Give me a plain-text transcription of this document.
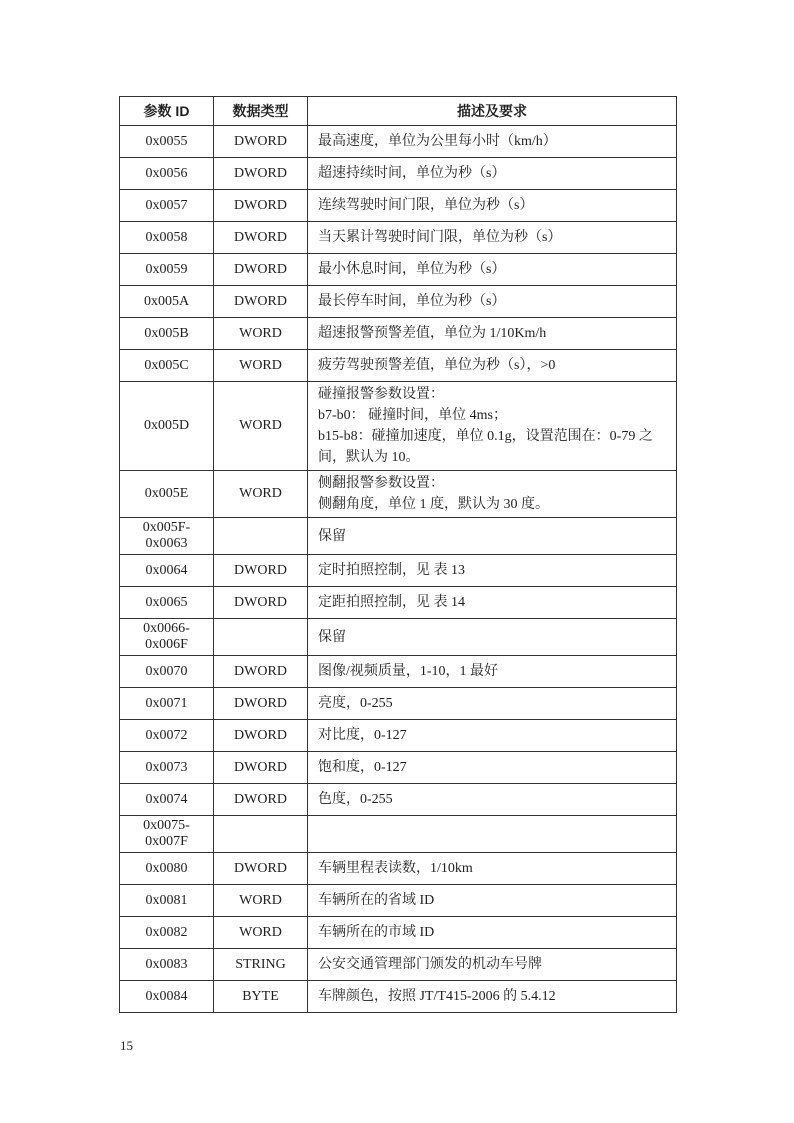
参数 ID	数据类型	描述及要求
0x0055	DWORD	最高速度，单位为公里每小时（km/h）

0x0056	DWORD	超速持续时间，单位为秒（s）

0x0057	DWORD	连续驾驶时间门限，单位为秒（s）

0x0058	DWORD	当天累计驾驶时间门限，单位为秒（s）

0x0059	DWORD	最小休息时间，单位为秒（s）

0x005A	DWORD	最长停车时间，单位为秒（s）

0x005B	WORD	超速报警预警差值，单位为 1/10Km/h

0x005C	WORD	疲劳驾驶预警差值，单位为秒（s），>0

0x005D	WORD	碰撞报警参数设置：

b7-b0： 碰撞时间，单位 4ms；

b15-b8：碰撞加速度，单位 0.1g，设置范围在：0-79 之间，默认为 10。

0x005E	WORD	侧翻报警参数设置：

侧翻角度，单位 1 度，默认为 30 度。

0x005F-0x0063		保留

0x0064	DWORD	定时拍照控制，见 表 13

0x0065	DWORD	定距拍照控制，见 表 14

0x0066-0x006F		保留

0x0070	DWORD	图像/视频质量，1-10，1 最好

0x0071	DWORD	亮度，0-255

0x0072	DWORD	对比度，0-127

0x0073	DWORD	饱和度，0-127

0x0074	DWORD	色度，0-255

0x0075-0x007F		
0x0080	DWORD	车辆里程表读数，1/10km

0x0081	WORD	车辆所在的省域 ID

0x0082	WORD	车辆所在的市域 ID

0x0083	STRING	公安交通管理部门颁发的机动车号牌

0x0084	BYTE	车牌颜色，按照 JT/T415-2006 的 5.4.12

15
